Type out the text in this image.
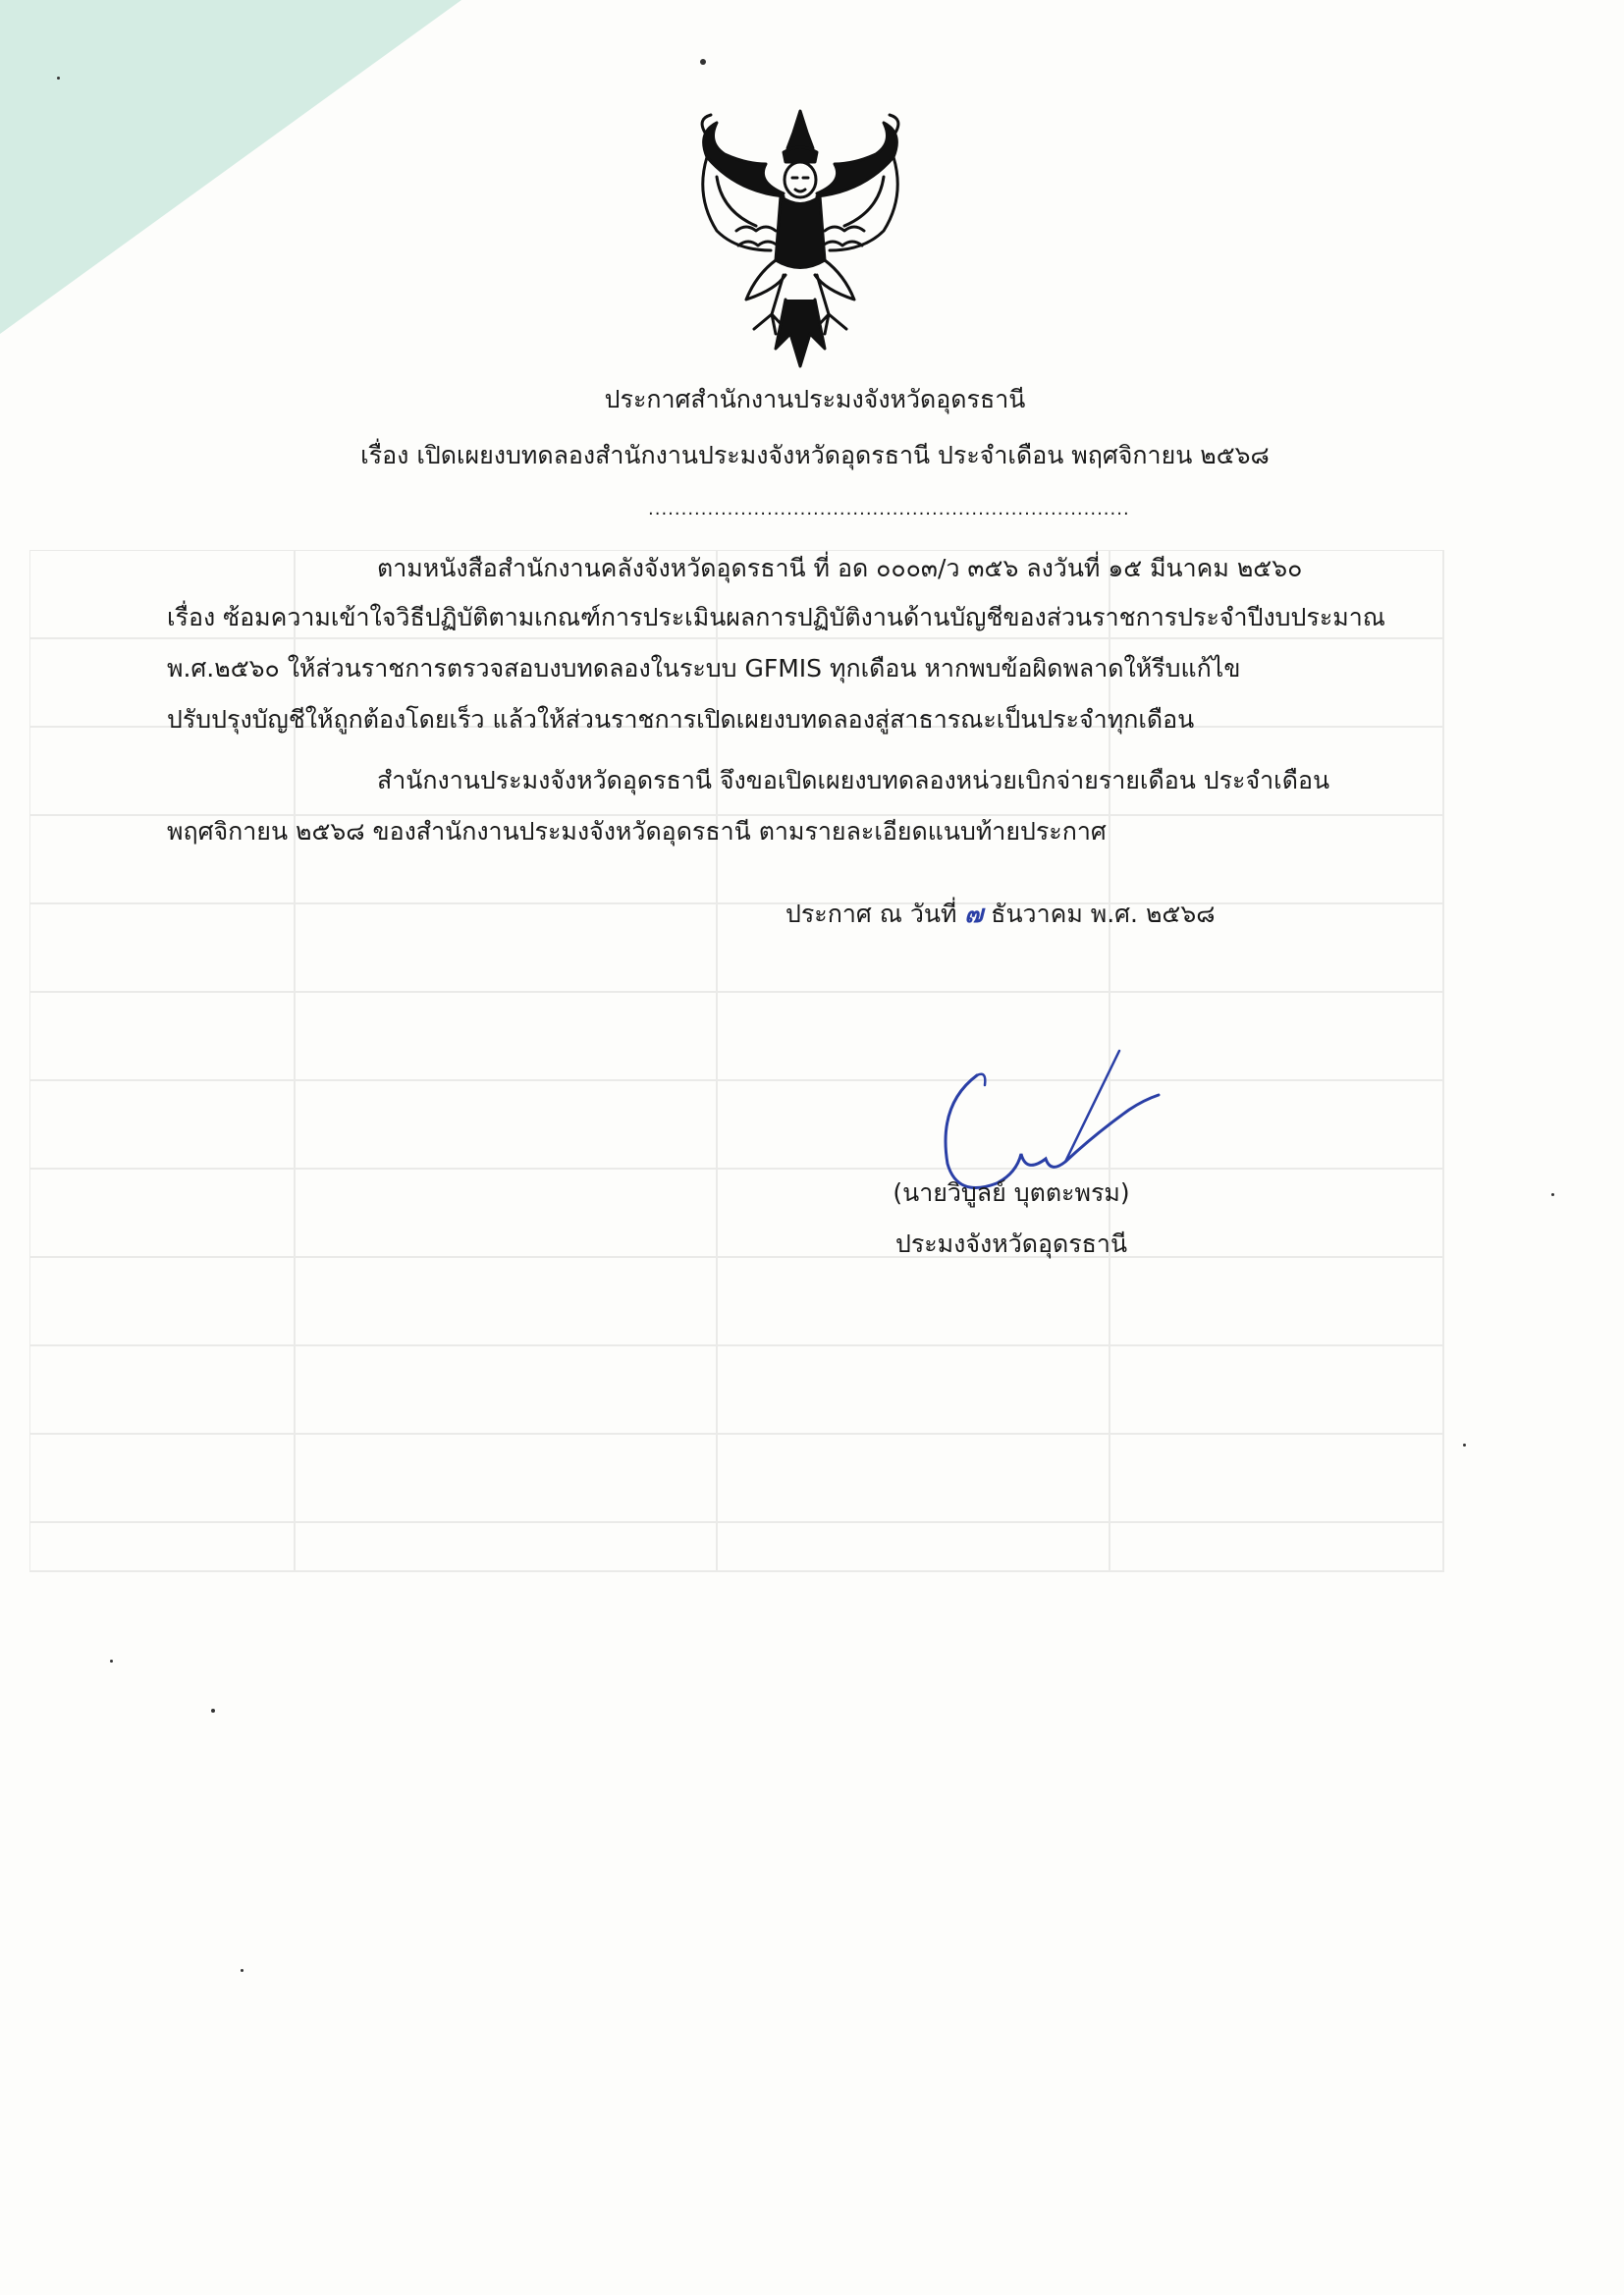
ประกาศสำนักงานประมงจังหวัดอุดรธานี
เรื่อง เปิดเผยงบทดลองสำนักงานประมงจังหวัดอุดรธานี ประจำเดือน พฤศจิกายน ๒๕๖๘
.........................................................................
ตามหนังสือสำนักงานคลังจังหวัดอุดรธานี ที่ อด ๐๐๐๓/ว ๓๕๖ ลงวันที่ ๑๕ มีนาคม ๒๕๖๐
เรื่อง ซ้อมความเข้าใจวิธีปฏิบัติตามเกณฑ์การประเมินผลการปฏิบัติงานด้านบัญชีของส่วนราชการประจำปีงบประมาณ
พ.ศ.๒๕๖๐ ให้ส่วนราชการตรวจสอบงบทดลองในระบบ GFMIS ทุกเดือน หากพบข้อผิดพลาดให้รีบแก้ไข
ปรับปรุงบัญชีให้ถูกต้องโดยเร็ว แล้วให้ส่วนราชการเปิดเผยงบทดลองสู่สาธารณะเป็นประจำทุกเดือน
สำนักงานประมงจังหวัดอุดรธานี จึงขอเปิดเผยงบทดลองหน่วยเบิกจ่ายรายเดือน ประจำเดือน
พฤศจิกายน ๒๕๖๘ ของสำนักงานประมงจังหวัดอุดรธานี ตามรายละเอียดแนบท้ายประกาศ
ประกาศ ณ วันที่ ๗ ธันวาคม พ.ศ. ๒๕๖๘
(นายวิบูลย์ บุตตะพรม)
ประมงจังหวัดอุดรธานี
